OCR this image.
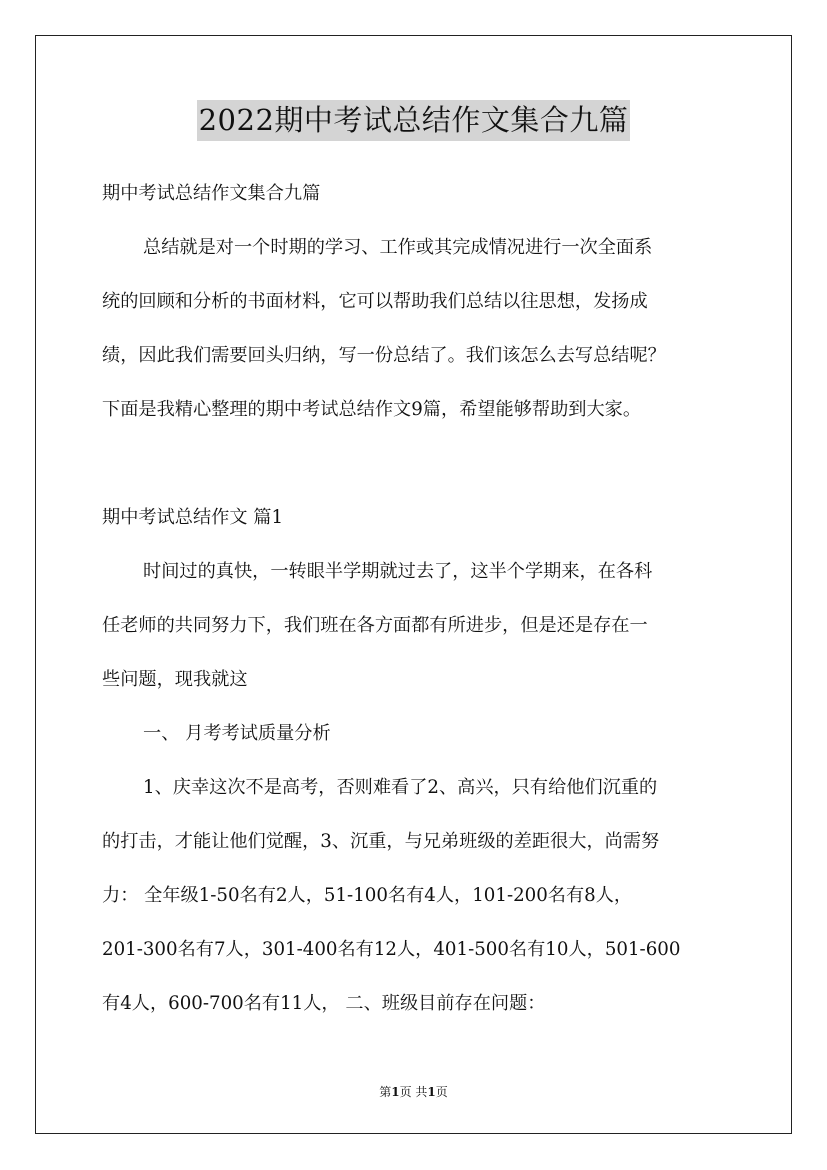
2022期中考试总结作文集合九篇
期中考试总结作文集合九篇
总结就是对一个时期的学习、工作或其完成情况进行一次全面系
统的回顾和分析的书面材料，它可以帮助我们总结以往思想，发扬成
绩，因此我们需要回头归纳，写一份总结了。我们该怎么去写总结呢？
下面是我精心整理的期中考试总结作文9篇，希望能够帮助到大家。
期中考试总结作文 篇1
时间过的真快，一转眼半学期就过去了，这半个学期来，在各科
任老师的共同努力下，我们班在各方面都有所进步，但是还是存在一
些问题，现我就这
一、 月考考试质量分析
1、庆幸这次不是高考，否则难看了2、高兴，只有给他们沉重的
的打击，才能让他们觉醒，3、沉重，与兄弟班级的差距很大，尚需努
力： 全年级1-50名有2人，51-100名有4人，101-200名有8人，
201-300名有7人，301-400名有12人，401-500名有10人，501-600
有4人，600-700名有11人， 二、班级目前存在问题：
第1页 共1页
